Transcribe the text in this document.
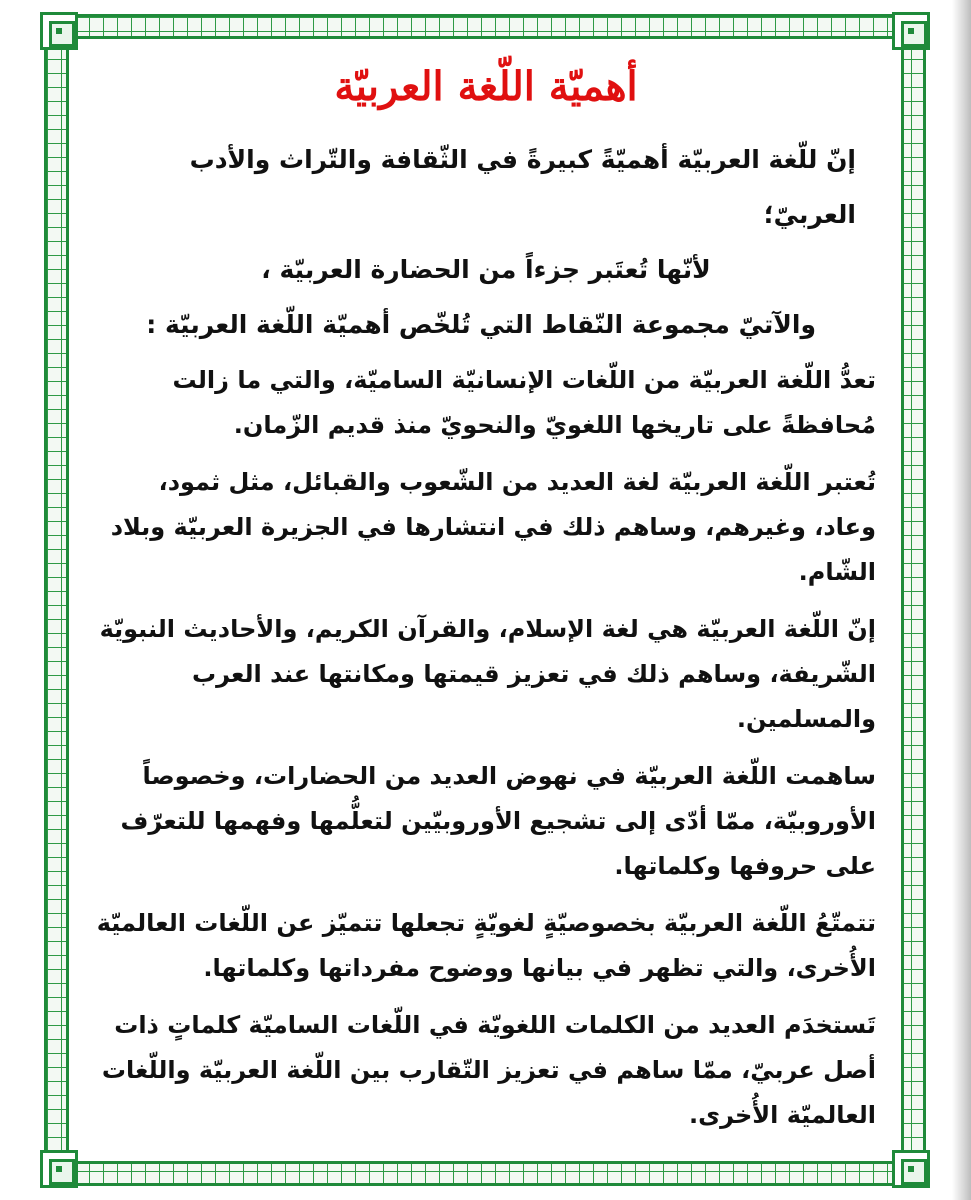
أهميّة اللّغة العربيّة
إنّ للّغة العربيّة أهميّةً كبيرةً في الثّقافة والتّراث والأدب العربيّ؛
لأنّها تُعتَبر جزءاً من الحضارة العربيّة ،
والآتيّ مجموعة النّقاط التي تُلخّص أهميّة اللّغة العربيّة :

تعدُّ اللّغة العربيّة من اللّغات الإنسانيّة الساميّة، والتي ما زالت مُحافظةً على تاريخها اللغويّ والنحويّ منذ قديم الزّمان.

تُعتبر اللّغة العربيّة لغة العديد من الشّعوب والقبائل، مثل ثمود، وعاد، وغيرهم، وساهم ذلك في انتشارها في الجزيرة العربيّة وبلاد الشّام.

إنّ اللّغة العربيّة هي لغة الإسلام، والقرآن الكريم، والأحاديث النبويّة الشّريفة، وساهم ذلك في تعزيز قيمتها ومكانتها عند العرب والمسلمين.

ساهمت اللّغة العربيّة في نهوض العديد من الحضارات، وخصوصاً الأوروبيّة، ممّا أدّى إلى تشجيع الأوروبيّين لتعلُّمها وفهمها للتعرّف على حروفها وكلماتها.

تتمتّعُ اللّغة العربيّة بخصوصيّةٍ لغويّةٍ تجعلها تتميّز عن اللّغات العالميّة الأُخرى، والتي تظهر في بيانها ووضوح مفرداتها وكلماتها.

تَستخدَم العديد من الكلمات اللغويّة في اللّغات الساميّة كلماتٍ ذات أصل عربيّ، ممّا ساهم في تعزيز التّقارب بين اللّغة العربيّة واللّغات العالميّة الأُخرى.
